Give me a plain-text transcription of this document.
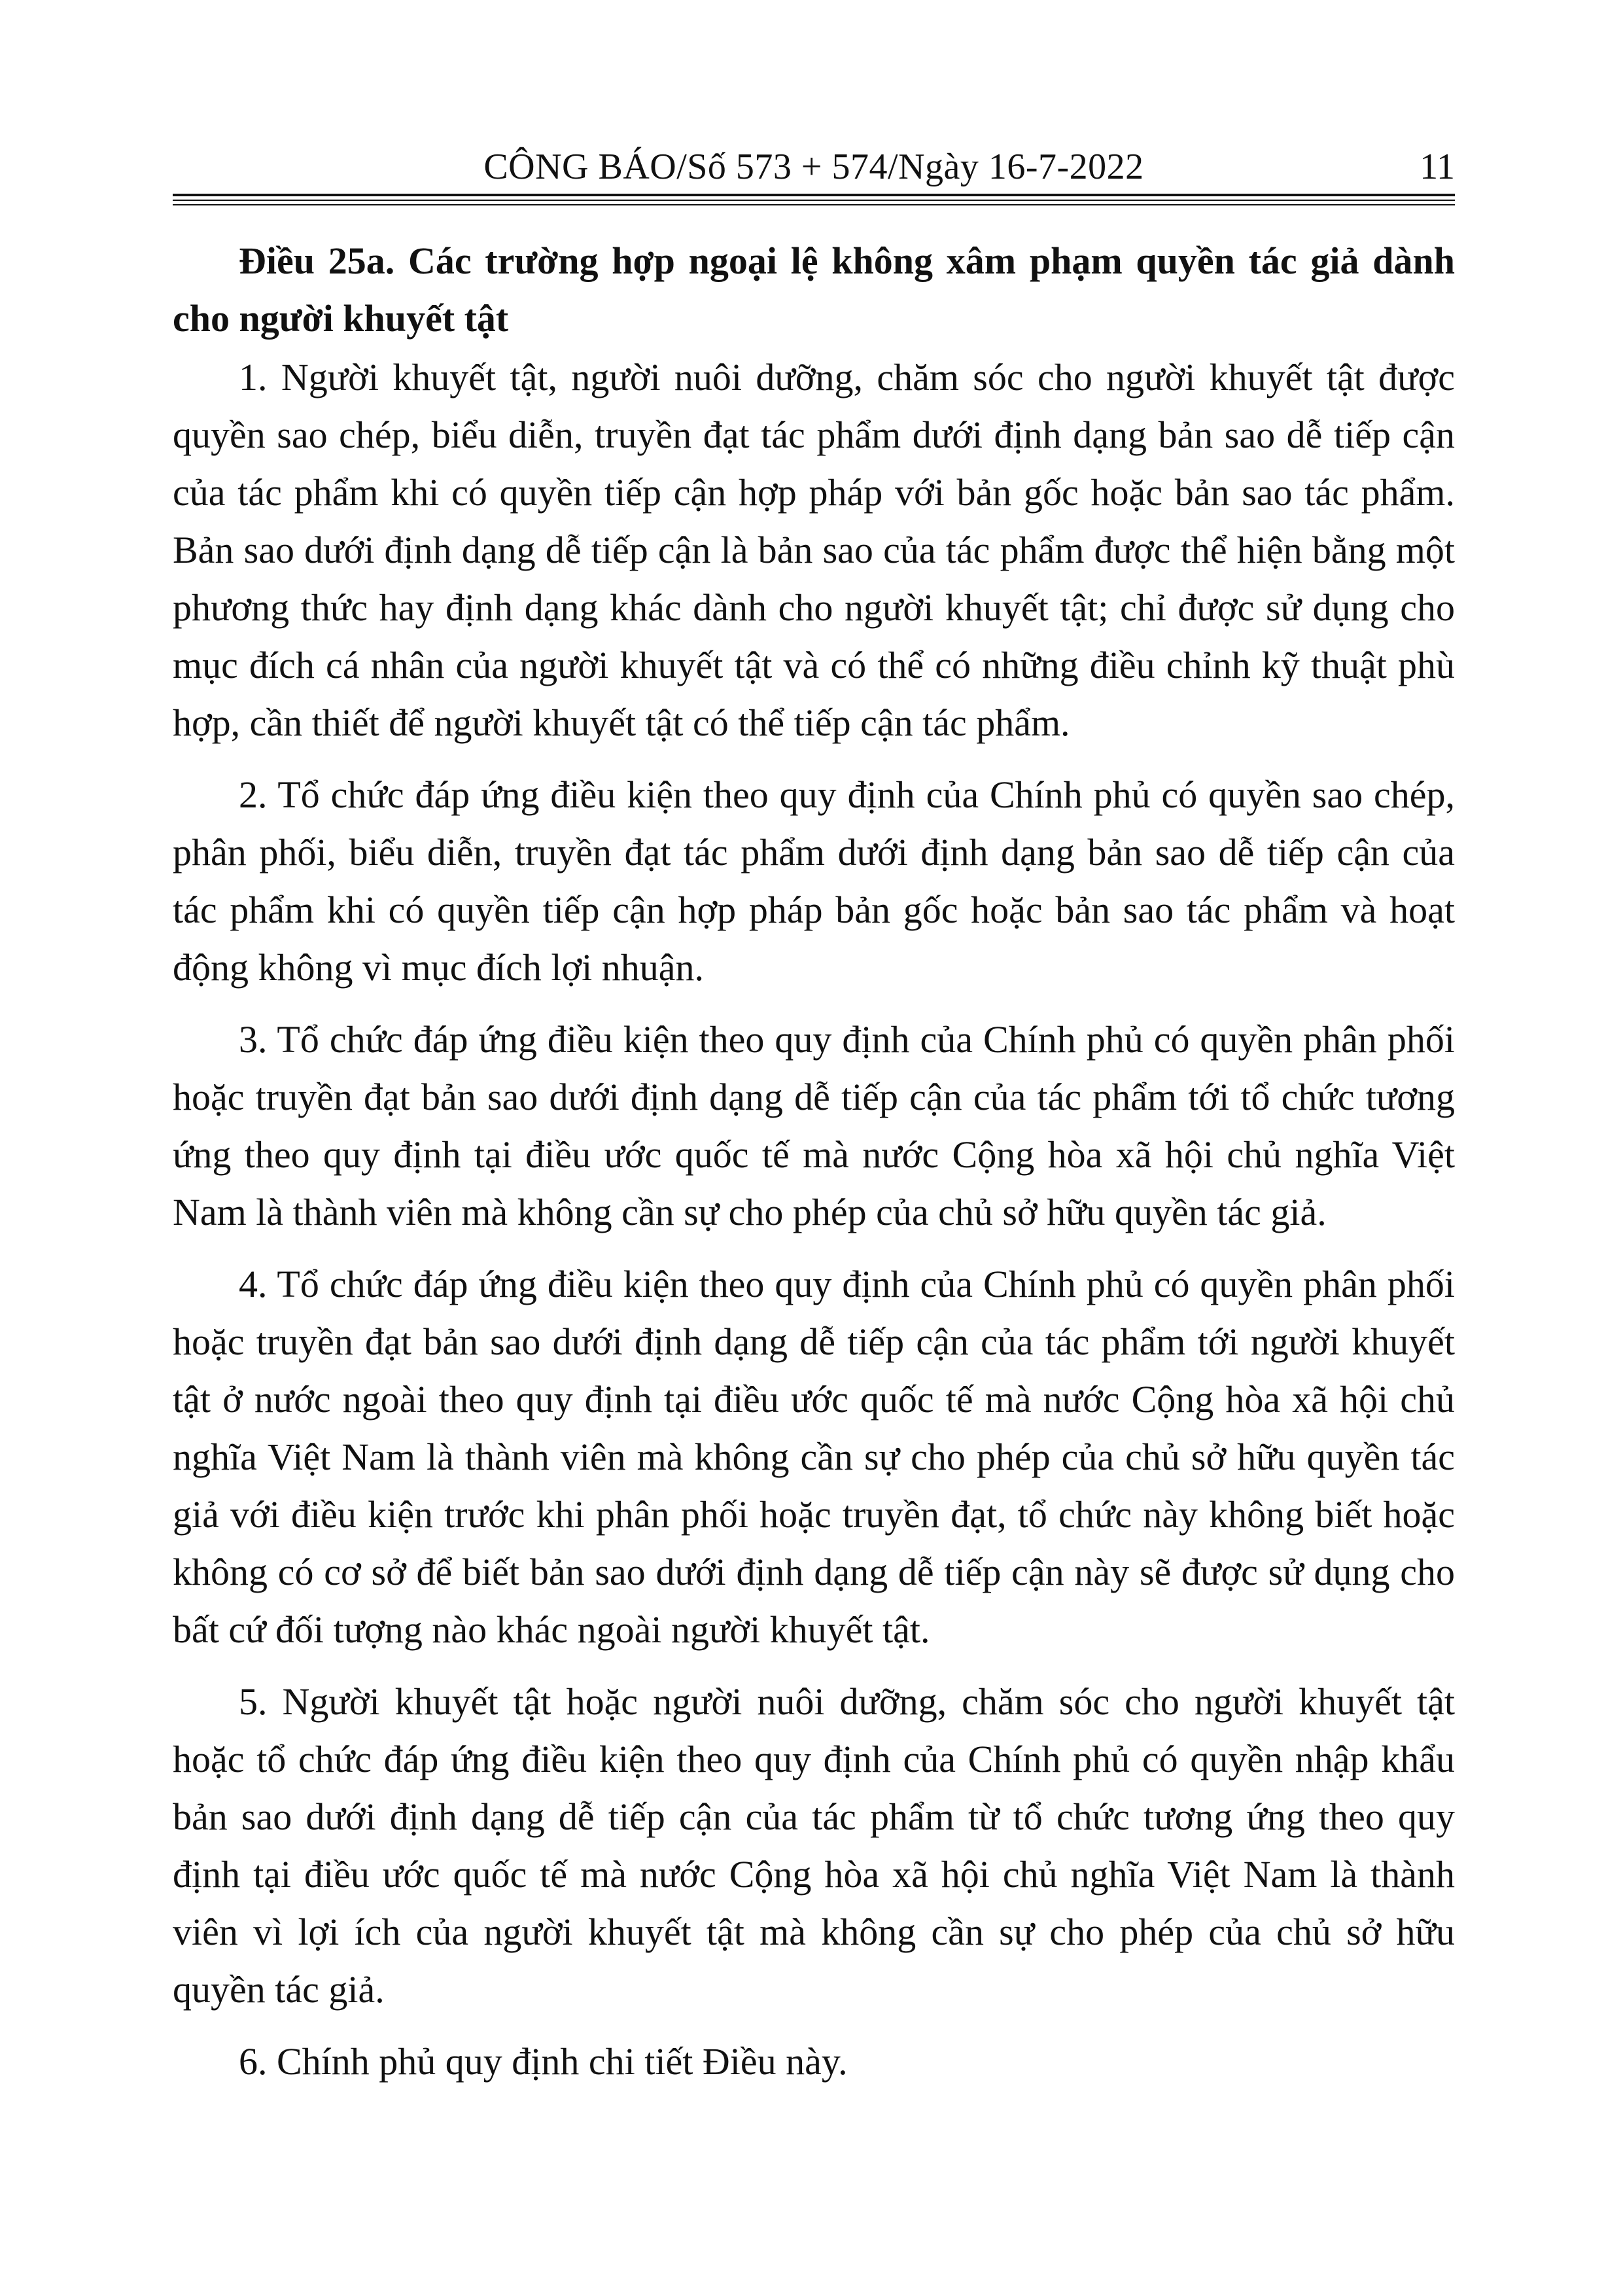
CÔNG BÁO/Số 573 + 574/Ngày 16-7-2022	11

Điều 25a. Các trường hợp ngoại lệ không xâm phạm quyền tác giả dành cho người khuyết tật

1. Người khuyết tật, người nuôi dưỡng, chăm sóc cho người khuyết tật được quyền sao chép, biểu diễn, truyền đạt tác phẩm dưới định dạng bản sao dễ tiếp cận của tác phẩm khi có quyền tiếp cận hợp pháp với bản gốc hoặc bản sao tác phẩm. Bản sao dưới định dạng dễ tiếp cận là bản sao của tác phẩm được thể hiện bằng một phương thức hay định dạng khác dành cho người khuyết tật; chỉ được sử dụng cho mục đích cá nhân của người khuyết tật và có thể có những điều chỉnh kỹ thuật phù hợp, cần thiết để người khuyết tật có thể tiếp cận tác phẩm.

2. Tổ chức đáp ứng điều kiện theo quy định của Chính phủ có quyền sao chép, phân phối, biểu diễn, truyền đạt tác phẩm dưới định dạng bản sao dễ tiếp cận của tác phẩm khi có quyền tiếp cận hợp pháp bản gốc hoặc bản sao tác phẩm và hoạt động không vì mục đích lợi nhuận.

3. Tổ chức đáp ứng điều kiện theo quy định của Chính phủ có quyền phân phối hoặc truyền đạt bản sao dưới định dạng dễ tiếp cận của tác phẩm tới tổ chức tương ứng theo quy định tại điều ước quốc tế mà nước Cộng hòa xã hội chủ nghĩa Việt Nam là thành viên mà không cần sự cho phép của chủ sở hữu quyền tác giả.

4. Tổ chức đáp ứng điều kiện theo quy định của Chính phủ có quyền phân phối hoặc truyền đạt bản sao dưới định dạng dễ tiếp cận của tác phẩm tới người khuyết tật ở nước ngoài theo quy định tại điều ước quốc tế mà nước Cộng hòa xã hội chủ nghĩa Việt Nam là thành viên mà không cần sự cho phép của chủ sở hữu quyền tác giả với điều kiện trước khi phân phối hoặc truyền đạt, tổ chức này không biết hoặc không có cơ sở để biết bản sao dưới định dạng dễ tiếp cận này sẽ được sử dụng cho bất cứ đối tượng nào khác ngoài người khuyết tật.

5. Người khuyết tật hoặc người nuôi dưỡng, chăm sóc cho người khuyết tật hoặc tổ chức đáp ứng điều kiện theo quy định của Chính phủ có quyền nhập khẩu bản sao dưới định dạng dễ tiếp cận của tác phẩm từ tổ chức tương ứng theo quy định tại điều ước quốc tế mà nước Cộng hòa xã hội chủ nghĩa Việt Nam là thành viên vì lợi ích của người khuyết tật mà không cần sự cho phép của chủ sở hữu quyền tác giả.

6. Chính phủ quy định chi tiết Điều này.
